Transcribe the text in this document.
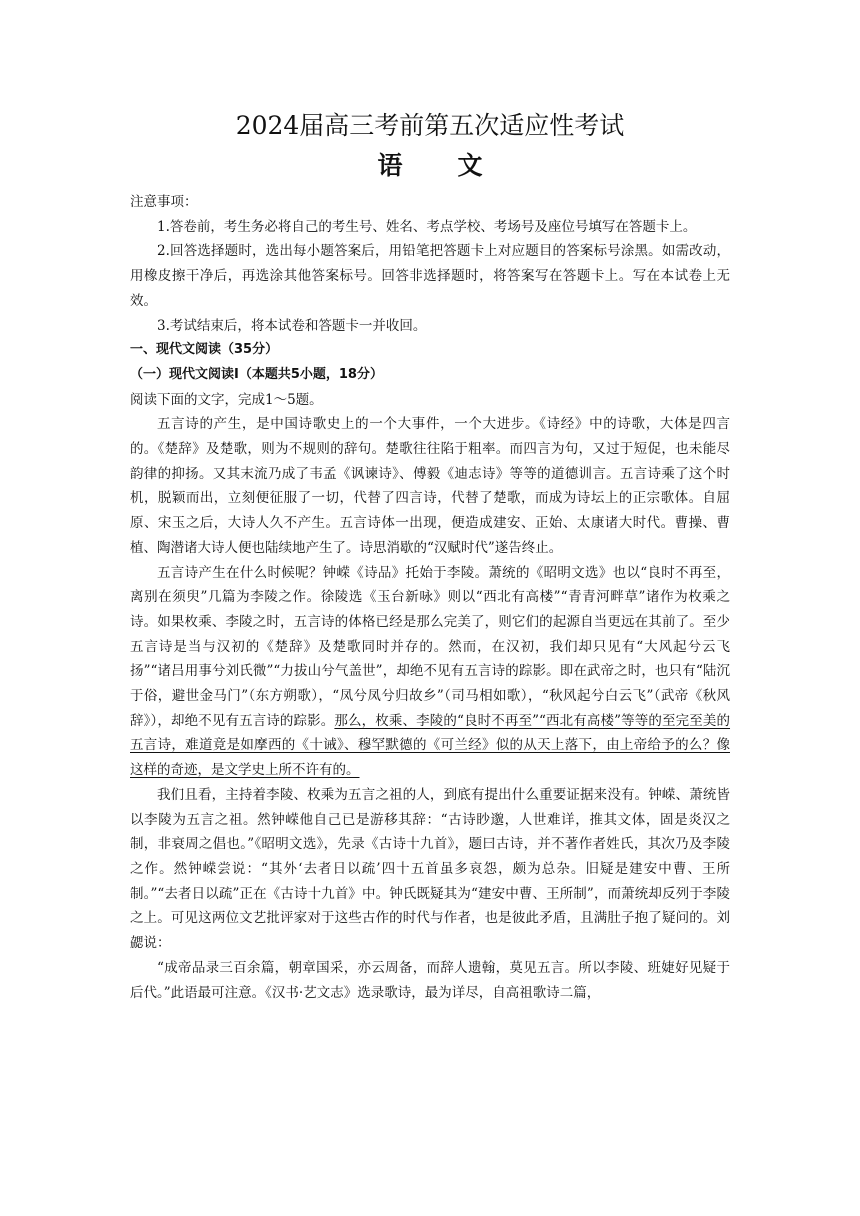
2024届高三考前第五次适应性考试
语文

注意事项：

1.答卷前，考生务必将自己的考生号、姓名、考点学校、考场号及座位号填写在答题卡上。

2.回答选择题时，选出每小题答案后，用铅笔把答题卡上对应题目的答案标号涂黑。如需改动，用橡皮擦干净后，再选涂其他答案标号。回答非选择题时，将答案写在答题卡上。写在本试卷上无效。

3.考试结束后，将本试卷和答题卡一并收回。

一、现代文阅读（35分）

（一）现代文阅读Ⅰ（本题共5小题，18分）

阅读下面的文字，完成1～5题。

五言诗的产生，是中国诗歌史上的一个大事件，一个大进步。《诗经》中的诗歌，大体是四言的。《楚辞》及楚歌，则为不规则的辞句。楚歌往往陷于粗率。而四言为句，又过于短促，也未能尽韵律的抑扬。又其末流乃成了韦孟《讽谏诗》、傅毅《迪志诗》等等的道德训言。五言诗乘了这个时机，脱颖而出，立刻便征服了一切，代替了四言诗，代替了楚歌，而成为诗坛上的正宗歌体。自屈原、宋玉之后，大诗人久不产生。五言诗体一出现，便造成建安、正始、太康诸大时代。曹操、曹植、陶潜诸大诗人便也陆续地产生了。诗思消歇的“汉赋时代”遂告终止。

五言诗产生在什么时候呢？钟嵘《诗品》托始于李陵。萧统的《昭明文选》也以“良时不再至，离别在须臾”几篇为李陵之作。徐陵选《玉台新咏》则以“西北有高楼”“青青河畔草”诸作为枚乘之诗。如果枚乘、李陵之时，五言诗的体格已经是那么完美了，则它们的起源自当更远在其前了。至少五言诗是当与汉初的《楚辞》及楚歌同时并存的。然而，在汉初，我们却只见有“大风起兮云飞扬”“诸吕用事兮刘氏微”“力拔山兮气盖世”，却绝不见有五言诗的踪影。即在武帝之时，也只有“陆沉于俗，避世金马门”（东方朔歌），“凤兮凤兮归故乡”（司马相如歌），“秋风起兮白云飞”（武帝《秋风辞》），却绝不见有五言诗的踪影。那么，枚乘、李陵的“良时不再至”“西北有高楼”等等的至完至美的五言诗，难道竟是如摩西的《十诫》、穆罕默德的《可兰经》似的从天上落下，由上帝给予的么？像这样的奇迹，是文学史上所不许有的。

我们且看，主持着李陵、枚乘为五言之祖的人，到底有提出什么重要证据来没有。钟嵘、萧统皆以李陵为五言之祖。然钟嵘他自己已是游移其辞：“古诗眇邈，人世难详，推其文体，固是炎汉之制，非衰周之倡也。”《昭明文选》，先录《古诗十九首》，题曰古诗，并不著作者姓氏，其次乃及李陵之作。然钟嵘尝说：“其外‘去者日以疏’四十五首虽多哀怨，颇为总杂。旧疑是建安中曹、王所制。”“去者日以疏”正在《古诗十九首》中。钟氏既疑其为“建安中曹、王所制”，而萧统却反列于李陵之上。可见这两位文艺批评家对于这些古作的时代与作者，也是彼此矛盾，且满肚子抱了疑问的。刘勰说：

“成帝品录三百余篇，朝章国采，亦云周备，而辞人遗翰，莫见五言。所以李陵、班婕好见疑于后代。”此语最可注意。《汉书·艺文志》选录歌诗，最为详尽，自高祖歌诗二篇，
